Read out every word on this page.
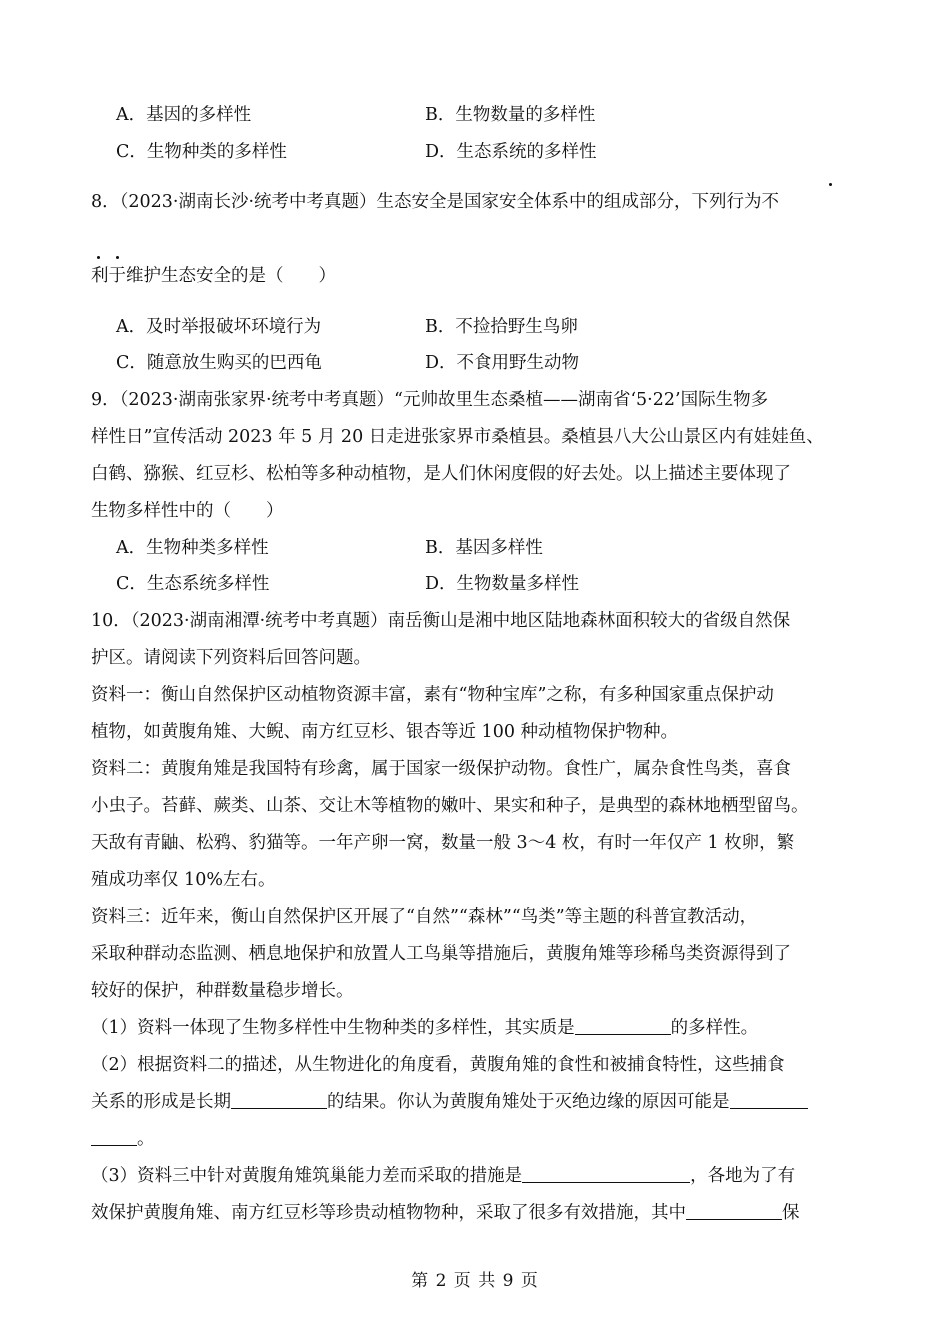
A．基因的多样性	B．生物数量的多样性
C．生物种类的多样性	D．生态系统的多样性
8．（2023·湖南长沙·统考中考真题）生态安全是国家安全体系中的组成部分，下列行为不
利于维护生态安全的是（　　）
A．及时举报破坏环境行为	B．不捡拾野生鸟卵
C．随意放生购买的巴西龟	D．不食用野生动物
9．（2023·湖南张家界·统考中考真题）“元帅故里生态桑植——湖南省‘5·22’国际生物多
样性日”宣传活动 2023 年 5 月 20 日走进张家界市桑植县。桑植县八大公山景区内有娃娃鱼、
白鹤、猕猴、红豆杉、松柏等多种动植物，是人们休闲度假的好去处。以上描述主要体现了
生物多样性中的（　　）
A．生物种类多样性	B．基因多样性
C．生态系统多样性	D．生物数量多样性
10．（2023·湖南湘潭·统考中考真题）南岳衡山是湘中地区陆地森林面积较大的省级自然保
护区。请阅读下列资料后回答问题。
资料一：衡山自然保护区动植物资源丰富，素有“物种宝库”之称，有多种国家重点保护动
植物，如黄腹角雉、大鲵、南方红豆杉、银杏等近 100 种动植物保护物种。
资料二：黄腹角雉是我国特有珍禽，属于国家一级保护动物。食性广，属杂食性鸟类，喜食
小虫子。苔藓、蕨类、山茶、交让木等植物的嫩叶、果实和种子，是典型的森林地栖型留鸟。
天敌有青鼬、松鸦、豹猫等。一年产卵一窝，数量一般 3～4 枚，有时一年仅产 1 枚卵，繁
殖成功率仅 10%左右。
资料三：近年来，衡山自然保护区开展了“自然”“森林”“鸟类”等主题的科普宣教活动，
采取种群动态监测、栖息地保护和放置人工鸟巢等措施后，黄腹角雉等珍稀鸟类资源得到了
较好的保护，种群数量稳步增长。
（1）资料一体现了生物多样性中生物种类的多样性，其实质是	的多样性。
（2）根据资料二的描述，从生物进化的角度看，黄腹角雉的食性和被捕食特性，这些捕食
关系的形成是长期	的结果。你认为黄腹角雉处于灭绝边缘的原因可能是
。
（3）资料三中针对黄腹角雉筑巢能力差而采取的措施是	，各地为了有
效保护黄腹角雉、南方红豆杉等珍贵动植物物种，采取了很多有效措施，其中	保
第 2 页 共 9 页
